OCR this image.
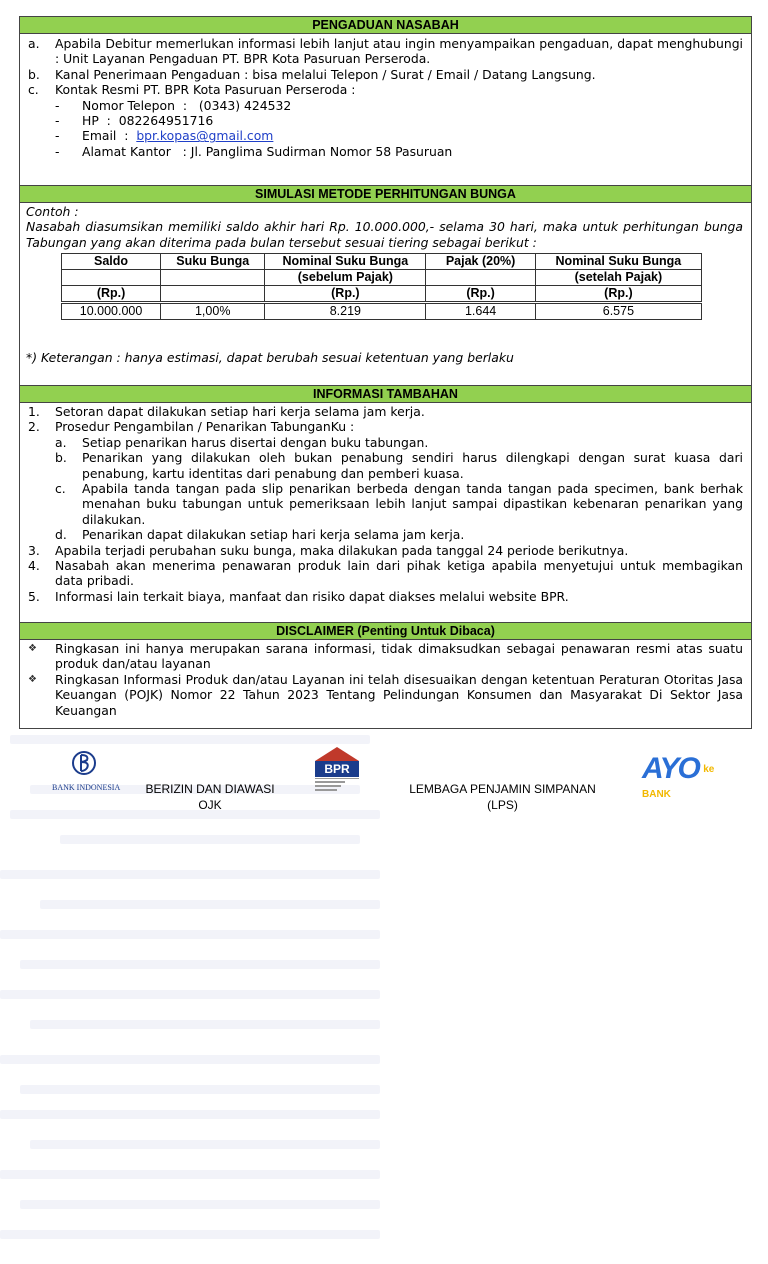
PENGADUAN NASABAH
a.	Apabila Debitur memerlukan informasi lebih lanjut atau ingin menyampaikan pengaduan, dapat menghubungi : Unit Layanan Pengaduan PT. BPR Kota Pasuruan Perseroda.
b.	Kanal Penerimaan Pengaduan : bisa melalui Telepon / Surat / Email / Datang Langsung.
c.	Kontak Resmi PT. BPR Kota Pasuruan Perseroda :
-	Nomor Telepon  :   (0343) 424532
-	HP  :  082264951716
-	Email  : bpr.kopas@gmail.com
-	Alamat Kantor   : Jl. Panglima Sudirman Nomor 58 Pasuruan
SIMULASI METODE PERHITUNGAN BUNGA
Contoh :
Nasabah diasumsikan memiliki saldo akhir hari Rp. 10.000.000,- selama 30 hari, maka untuk perhitungan bunga Tabungan yang akan diterima pada bulan tersebut sesuai tiering sebagai berikut :
Saldo	Suku Bunga	Nominal Suku Bunga	Pajak (20%)	Nominal Suku Bunga
		(sebelum Pajak)		(setelah Pajak)
(Rp.)		(Rp.)	(Rp.)	(Rp.)
10.000.000	1,00%	8.219	1.644	6.575
*) Keterangan : hanya estimasi, dapat berubah sesuai ketentuan yang berlaku
INFORMASI TAMBAHAN
1.	Setoran dapat dilakukan setiap hari kerja selama jam kerja.
2.	Prosedur Pengambilan / Penarikan TabunganKu :
a.	Setiap penarikan harus disertai dengan buku tabungan.
b.	Penarikan yang dilakukan oleh bukan penabung sendiri harus dilengkapi dengan surat kuasa dari penabung, kartu identitas dari penabung dan pemberi kuasa.
c.	Apabila tanda tangan pada slip penarikan berbeda dengan tanda tangan pada specimen, bank berhak menahan buku tabungan untuk pemeriksaan lebih lanjut sampai dipastikan kebenaran penarikan yang dilakukan.
d.	Penarikan dapat dilakukan setiap hari kerja selama jam kerja.
3.	Apabila terjadi perubahan suku bunga, maka dilakukan pada tanggal 24 periode berikutnya.
4.	Nasabah akan menerima penawaran produk lain dari pihak ketiga apabila menyetujui untuk membagikan data pribadi.
5.	Informasi lain terkait biaya, manfaat dan risiko dapat diakses melalui website BPR.
DISCLAIMER (Penting Untuk Dibaca)
❖	Ringkasan ini hanya merupakan sarana informasi, tidak dimaksudkan sebagai penawaran resmi atas suatu produk dan/atau layanan
❖	Ringkasan Informasi Produk dan/atau Layanan ini telah disesuaikan dengan ketentuan Peraturan Otoritas Jasa Keuangan (POJK) Nomor 22 Tahun 2023 Tentang Pelindungan Konsumen dan Masyarakat Di Sektor Jasa Keuangan
BANK INDONESIA	BERIZIN DAN DIAWASI
OJK
BPR
LEMBAGA PENJAMIN SIMPANAN
(LPS)
AYO $^{ke BANK}$
